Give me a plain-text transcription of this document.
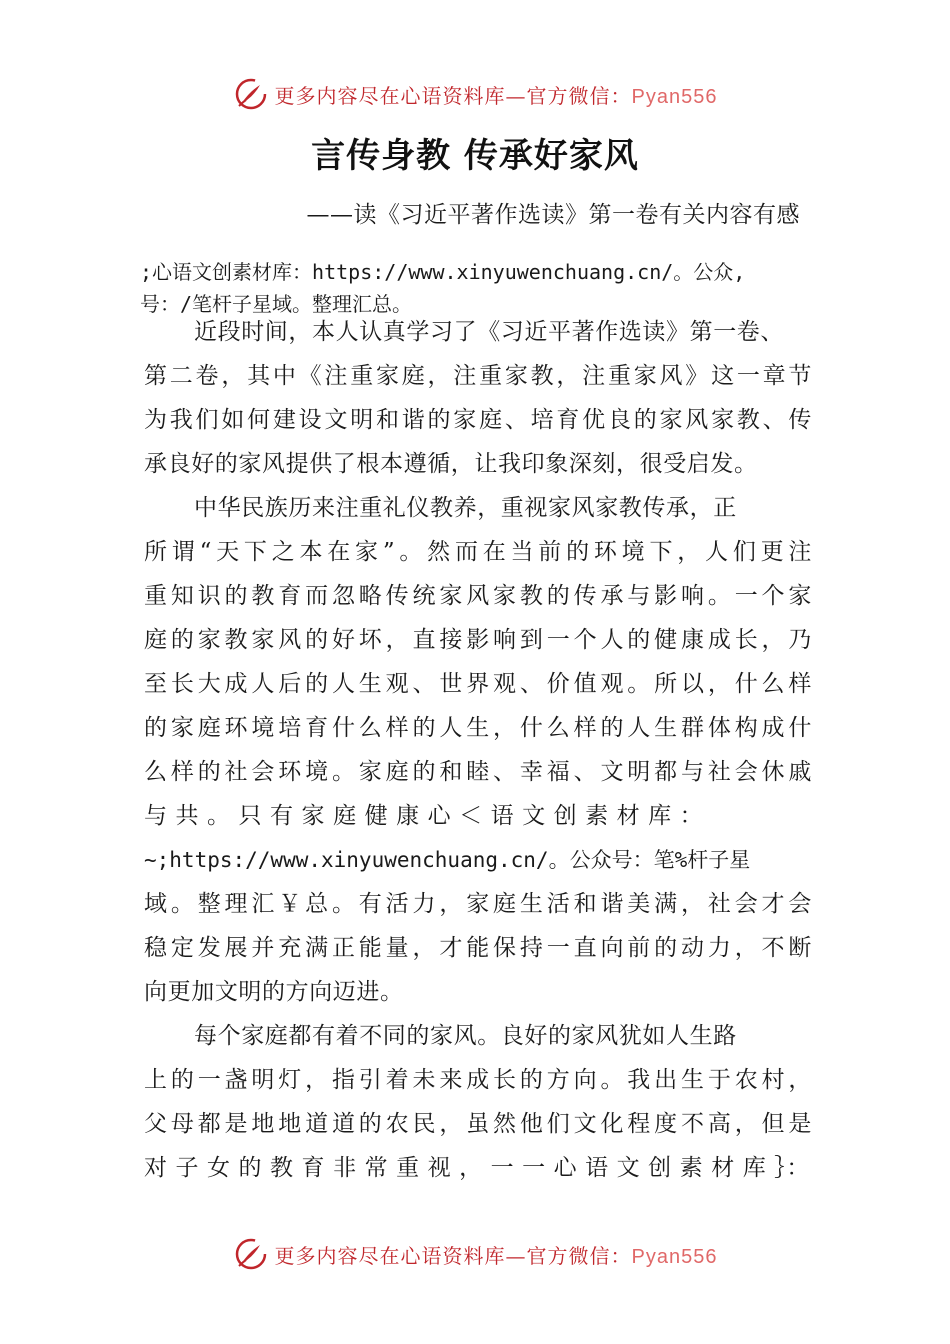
更多内容尽在心语资料库—官方微信：Pyan556
言传身教 传承好家风
——读《习近平著作选读》第一卷有关内容有感
;心语文创素材库：https://www.xinyuwenchuang.cn/。公众,
号：/笔杆子星域。整理汇总。
近段时间，本人认真学习了《习近平著作选读》第一卷、
第二卷，其中《注重家庭，注重家教，注重家风》这一章节
为我们如何建设文明和谐的家庭、培育优良的家风家教、传
承良好的家风提供了根本遵循，让我印象深刻，很受启发。
中华民族历来注重礼仪教养，重视家风家教传承，正
所谓“天下之本在家”。然而在当前的环境下，人们更注
重知识的教育而忽略传统家风家教的传承与影响。一个家
庭的家教家风的好坏，直接影响到一个人的健康成长，乃
至长大成人后的人生观、世界观、价值观。所以，什么样
的家庭环境培育什么样的人生，什么样的人生群体构成什
么样的社会环境。家庭的和睦、幸福、文明都与社会休戚
与 共 。 只 有 家 庭 健 康 心 ＜ 语 文 创 素 材 库 ：
~;https://www.xinyuwenchuang.cn/。公众号：笔%杆子星
域。整理汇￥总。有活力，家庭生活和谐美满，社会才会
稳定发展并充满正能量，才能保持一直向前的动力，不断
向更加文明的方向迈进。
每个家庭都有着不同的家风。良好的家风犹如人生路
上的一盏明灯，指引着未来成长的方向。我出生于农村，
父母都是地地道道的农民，虽然他们文化程度不高，但是
对 子 女 的 教 育 非 常 重 视 ， 一 一 心 语 文 创 素 材 库 ｝：
更多内容尽在心语资料库—官方微信：Pyan556
